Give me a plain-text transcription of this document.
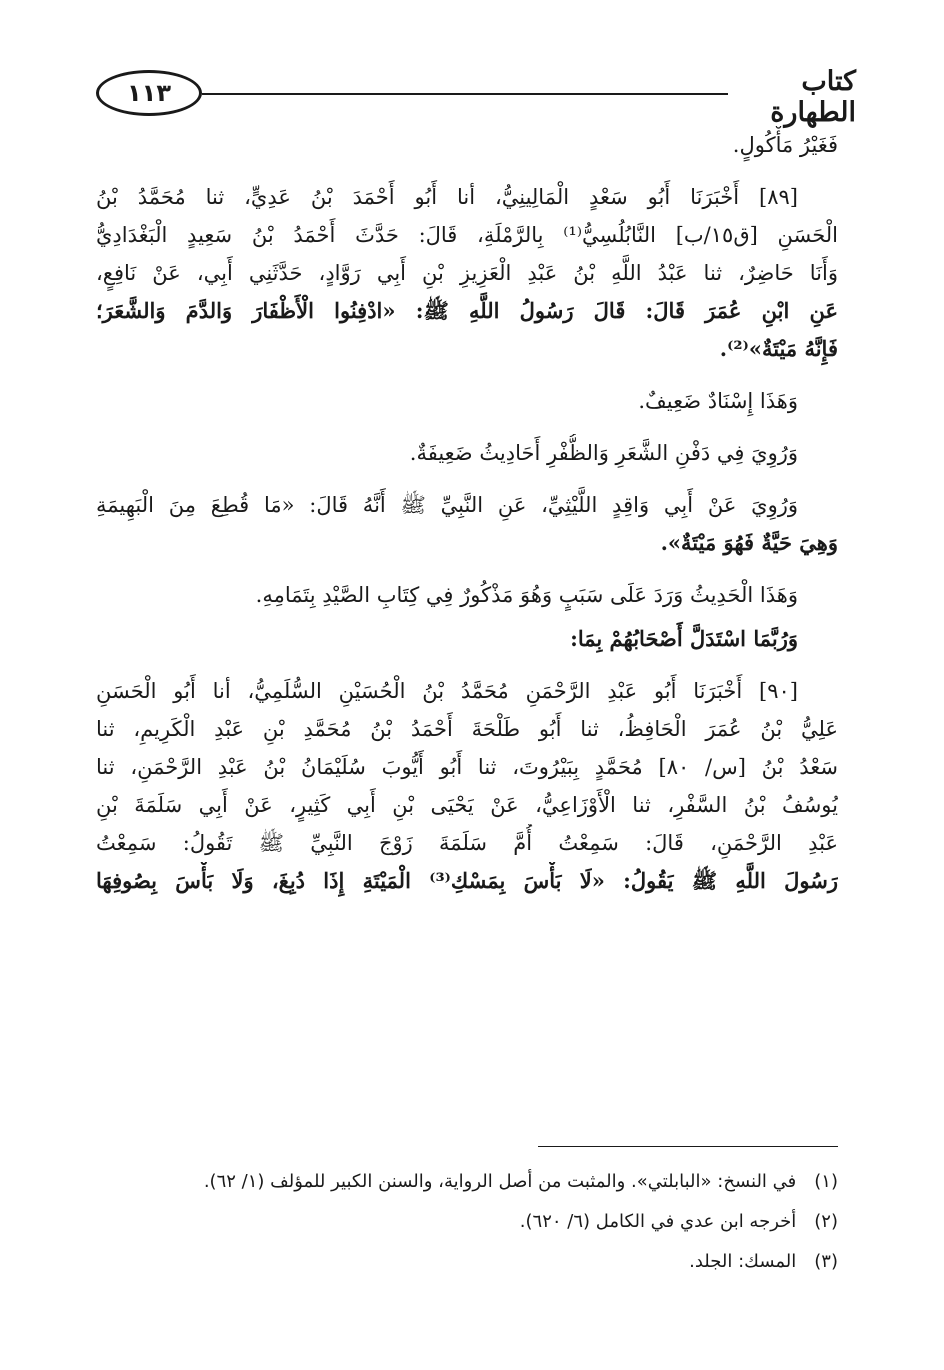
١١٣	كتاب الطهارة
فَغَيْرُ مَأْكُولٍ.
[٨٩] أَخْبَرَنَا أَبُو سَعْدٍ الْمَالِينِيُّ، أنا أَبُو أَحْمَدَ بْنُ عَدِيٍّ، ثنا مُحَمَّدُ بْنُ
الْحَسَنِ [ق١٥/ب] النَّابُلُسِيُّ⁽¹⁾ بِالرَّمْلَةِ، قَالَ: حَدَّثَ أَحْمَدُ بْنُ سَعِيدٍ الْبَغْدَادِيُّ
وَأَنَا حَاضِرٌ، ثنا عَبْدُ اللَّهِ بْنُ عَبْدِ الْعَزِيزِ بْنِ أَبِي رَوَّادٍ، حَدَّثَنِي أَبِي، عَنْ نَافِعٍ،
عَنِ ابْنِ عُمَرَ قَالَ: قَالَ رَسُولُ اللَّهِ ﷺ: «ادْفِنُوا الْأَظْفَارَ وَالدَّمَ وَالشَّعَرَ؛
فَإِنَّهُ مَيْتَةٌ»⁽²⁾.
وَهَذَا إِسْنَادٌ ضَعِيفٌ.
وَرُوِيَ فِي دَفْنِ الشَّعَرِ وَالظُّفْرِ أَحَادِيثُ ضَعِيفَةٌ.
وَرُوِيَ عَنْ أَبِي وَاقِدٍ اللَّيْثِيِّ، عَنِ النَّبِيِّ ﷺ أَنَّهُ قَالَ: «مَا قُطِعَ مِنَ الْبَهِيمَةِ
وَهِيَ حَيَّةٌ فَهُوَ مَيْتَةٌ».
وَهَذَا الْحَدِيثُ وَرَدَ عَلَى سَبَبٍ وَهُوَ مَذْكُورٌ فِي كِتَابِ الصَّيْدِ بِتَمَامِهِ.
وَرُبَّمَا اسْتَدَلَّ أَصْحَابُهُمْ بِمَا:
[٩٠] أَخْبَرَنَا أَبُو عَبْدِ الرَّحْمَنِ مُحَمَّدُ بْنُ الْحُسَيْنِ السُّلَمِيُّ، أنا أَبُو الْحَسَنِ
عَلِيُّ بْنُ عُمَرَ الْحَافِظُ، ثنا أَبُو طَلْحَةَ أَحْمَدُ بْنُ مُحَمَّدِ بْنِ عَبْدِ الْكَرِيمِ، ثنا
سَعْدُ بْنُ [س/ ٨٠] مُحَمَّدٍ بِبَيْرُوتَ، ثنا أَبُو أَيُّوبَ سُلَيْمَانُ بْنُ عَبْدِ الرَّحْمَنِ، ثنا
يُوسُفُ بْنُ السَّفْرِ، ثنا الْأَوْزَاعِيُّ، عَنْ يَحْيَى بْنِ أَبِي كَثِيرٍ، عَنْ أَبِي سَلَمَةَ بْنِ
عَبْدِ الرَّحْمَنِ، قَالَ: سَمِعْتُ أُمَّ سَلَمَةَ زَوْجَ النَّبِيِّ ﷺ تَقُولُ: سَمِعْتُ
رَسُولَ اللَّهِ ﷺ يَقُولُ: «لَا بَأْسَ بِمَسْكِ⁽³⁾ الْمَيْتَةِ إِذَا دُبِغَ، وَلَا بَأْسَ بِصُوفِهَا
(١) في النسخ: «البابلتي». والمثبت من أصل الرواية، والسنن الكبير للمؤلف (١/ ٦٢).
(٢) أخرجه ابن عدي في الكامل (٦/ ٦٢٠).
(٣) المسك: الجلد.
